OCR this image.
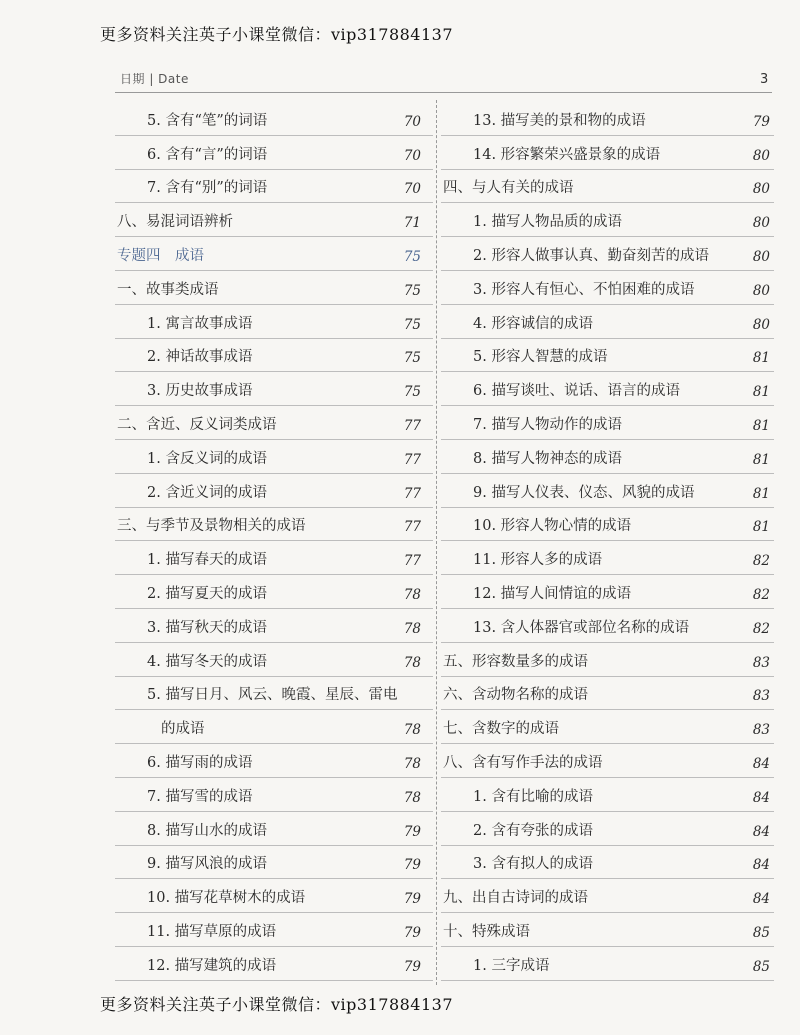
更多资料关注英子小课堂微信：vip317884137
日期 | Date	3
5. 含有“笔”的词语	70
6. 含有“言”的词语	70
7. 含有“别”的词语	70
八、易混词语辨析	71
专题四　成语	75
一、故事类成语	75
1. 寓言故事成语	75
2. 神话故事成语	75
3. 历史故事成语	75
二、含近、反义词类成语	77
1. 含反义词的成语	77
2. 含近义词的成语	77
三、与季节及景物相关的成语	77
1. 描写春天的成语	77
2. 描写夏天的成语	78
3. 描写秋天的成语	78
4. 描写冬天的成语	78
5. 描写日月、风云、晚霞、星辰、雷电
的成语	78
6. 描写雨的成语	78
7. 描写雪的成语	78
8. 描写山水的成语	79
9. 描写风浪的成语	79
10. 描写花草树木的成语	79
11. 描写草原的成语	79
12. 描写建筑的成语	79
13. 描写美的景和物的成语	79
14. 形容繁荣兴盛景象的成语	80
四、与人有关的成语	80
1. 描写人物品质的成语	80
2. 形容人做事认真、勤奋刻苦的成语	80
3. 形容人有恒心、不怕困难的成语	80
4. 形容诚信的成语	80
5. 形容人智慧的成语	81
6. 描写谈吐、说话、语言的成语	81
7. 描写人物动作的成语	81
8. 描写人物神态的成语	81
9. 描写人仪表、仪态、风貌的成语	81
10. 形容人物心情的成语	81
11. 形容人多的成语	82
12. 描写人间情谊的成语	82
13. 含人体器官或部位名称的成语	82
五、形容数量多的成语	83
六、含动物名称的成语	83
七、含数字的成语	83
八、含有写作手法的成语	84
1. 含有比喻的成语	84
2. 含有夸张的成语	84
3. 含有拟人的成语	84
九、出自古诗词的成语	84
十、特殊成语	85
1. 三字成语	85
更多资料关注英子小课堂微信：vip317884137
